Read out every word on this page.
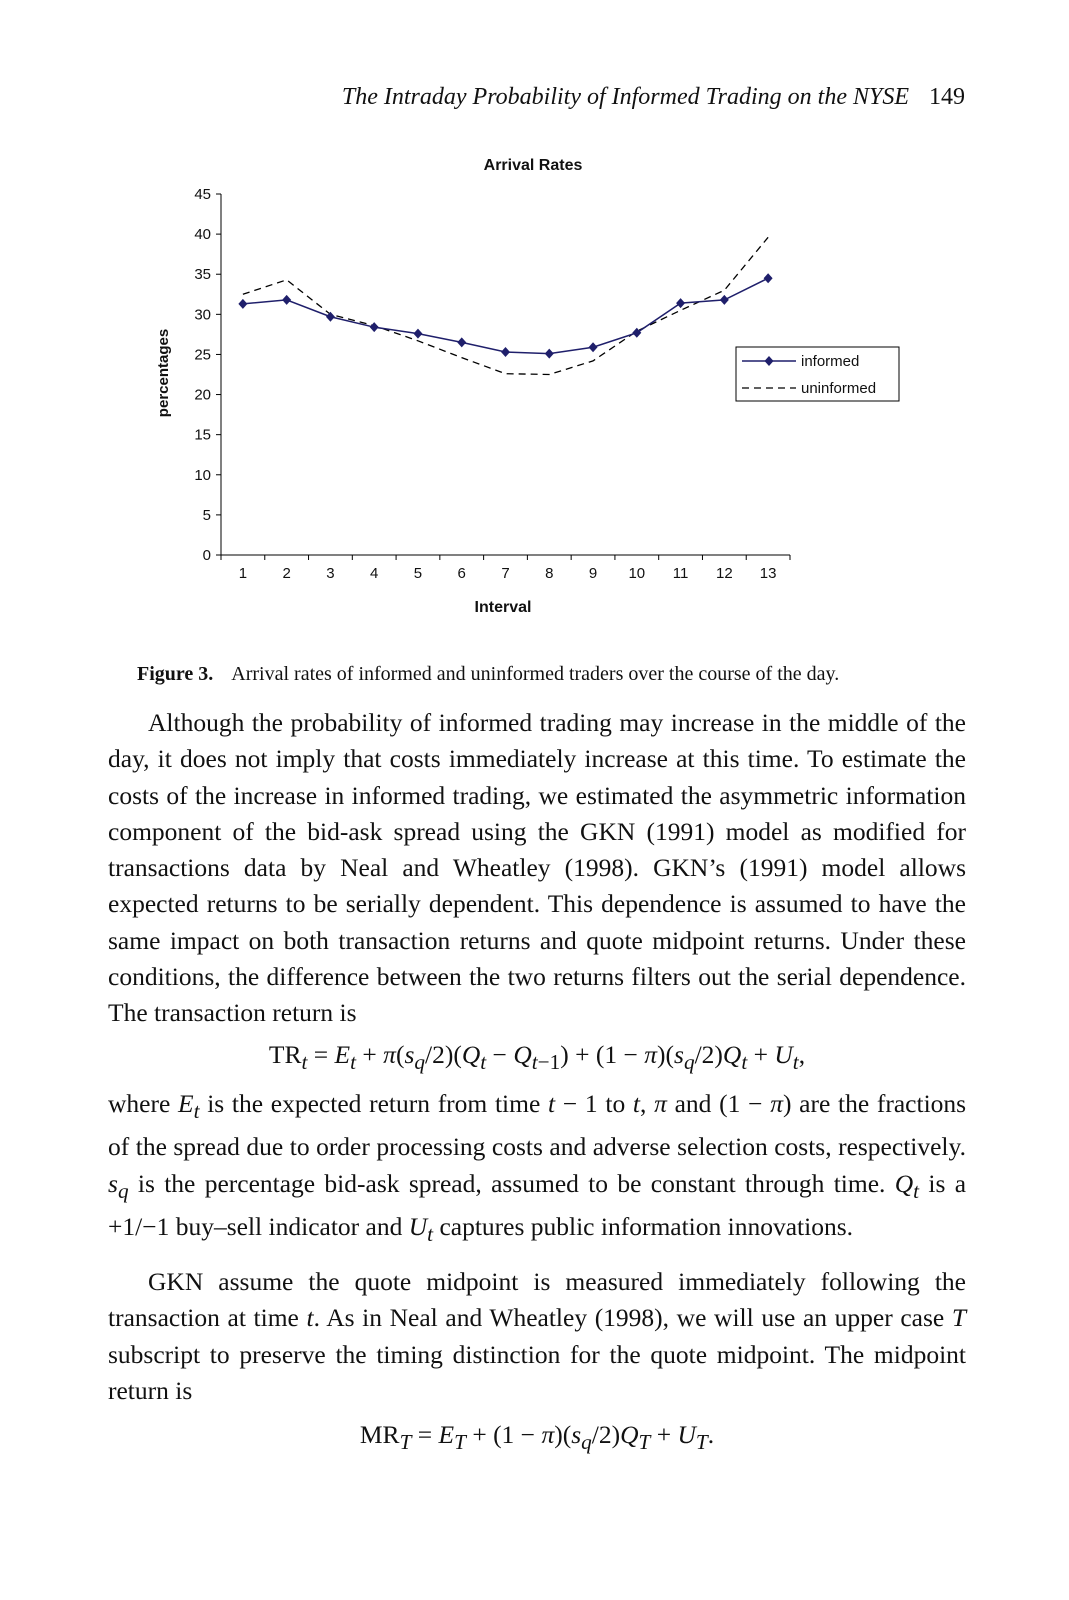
The Intraday Probability of Informed Trading on the NYSE 149
Arrival Rates
percentages
Interval
0
5
10
15
20
25
30
35
40
45
1 2 3 4 5 6 7 8 9 10 11 12 13
informed
uninformed
Figure 3. Arrival rates of informed and uninformed traders over the course of the day.

Although the probability of informed trading may increase in the middle of the day, it does not imply that costs immediately increase at this time. To estimate the costs of the increase in informed trading, we estimated the asymmetric information component of the bid-ask spread using the GKN (1991) model as modified for transactions data by Neal and Wheatley (1998). GKN’s (1991) model allows expected returns to be serially dependent. This dependence is assumed to have the same impact on both transaction returns and quote midpoint returns. Under these conditions, the difference between the two returns filters out the serial dependence. The transaction return is

$TR_t = E_t + \pi(s_q/2)(Q_t - Q_{t-1}) + (1 - \pi)(s_q/2)Q_t + U_t$,

where $E_t$ is the expected return from time t − 1 to t, π and (1 − π) are the fractions of the spread due to order processing costs and adverse selection costs, respectively. $s_q$ is the percentage bid-ask spread, assumed to be constant through time. $Q_t$ is a +1/−1 buy–sell indicator and $U_t$ captures public information innovations.

GKN assume the quote midpoint is measured immediately following the transaction at time t. As in Neal and Wheatley (1998), we will use an upper case T subscript to preserve the timing distinction for the quote midpoint. The midpoint return is

$MR_T = E_T + (1 - \pi)(s_q/2)Q_T + U_T$.
